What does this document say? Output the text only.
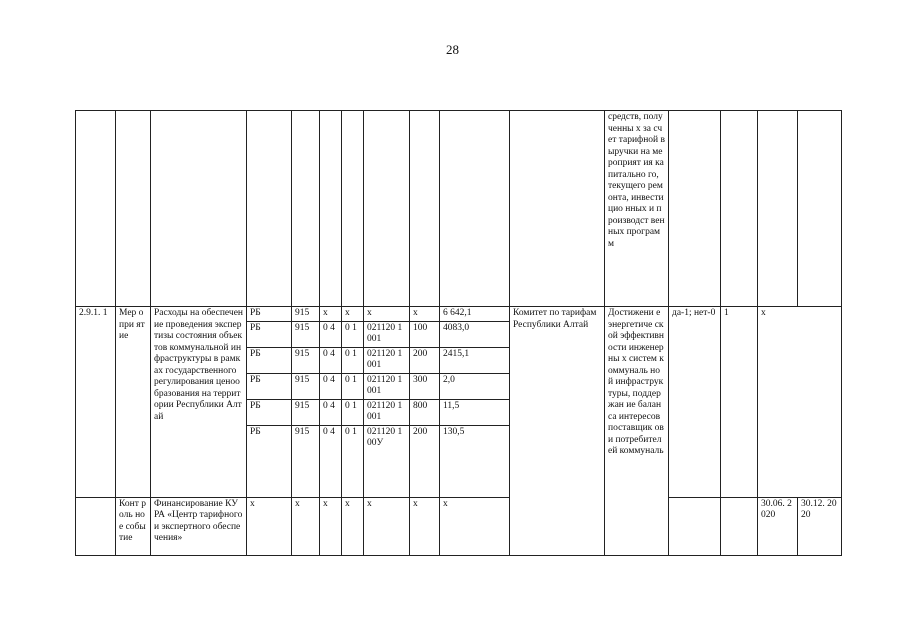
28
											средств, полученны х за счет тарифной выручки на мероприят ия капитально го, текущего ремонта, инвестицио нных и производст венных программ				
2.9.1. 1	Мер опри ятие	Расходы на обеспечение проведения экспертизы состояния объектов коммунальной инфраструктуры в рамках государственного регулирования ценообразования на территории Республики Алтай	РБ	915	х	х	х	х	6 642,1	Комитет по тарифам Республики Алтай	Достижени е энергетиче ской эффективн ости инженерны х систем коммуналь ной инфраструк туры, поддержан ие баланса интересов поставщик ов и потребител ей коммуналь	да-1; нет-0	1	х	
			РБ	915	0 4	0 1	021120 1001	100	4083,0						
			РБ	915	0 4	0 1	021120 1001	200	2415,1						
			РБ	915	0 4	0 1	021120 1001	300	2,0						
			РБ	915	0 4	0 1	021120 1001	800	11,5						
			РБ	915	0 4	0 1	021120 100У	200	130,5						
	Конт роль ное собы тие	Финансирование КУ РА «Центр тарифного и экспертного обеспечения»	х	х	х	х	х	х	х					30.06. 2020	30.12. 2020
